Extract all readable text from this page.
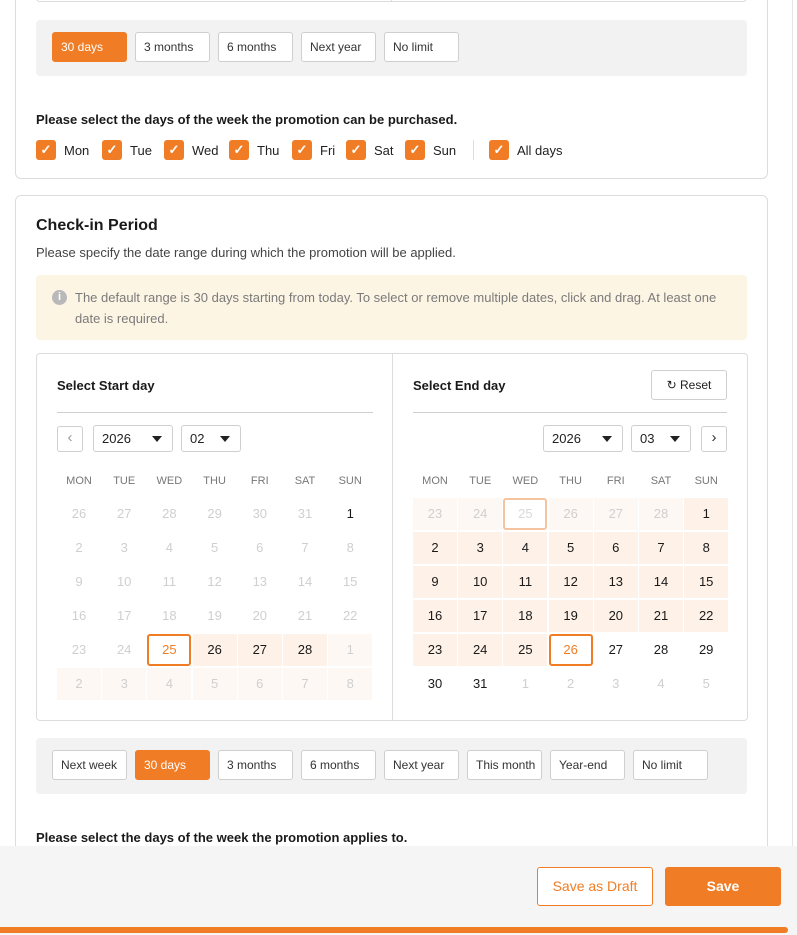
30 days	3 months	6 months	Next year	No limit
Please select the days of the week the promotion can be purchased.
✓ Mon	✓ Tue	✓ Wed	✓ Thu	✓ Fri	✓ Sat	✓ Sun	✓ All days
Check-in Period
Please specify the date range during which the promotion will be applied.
i	The default range is 30 days starting from today. To select or remove multiple dates, click and drag. At least one date is required.
Select Start day
‹	2026	02
MON	TUE	WED	THU	FRI	SAT	SUN
26	27	28	29	30	31	1
2	3	4	5	6	7	8
9	10	11	12	13	14	15
16	17	18	19	20	21	22
23	24	25	26	27	28	1
2	3	4	5	6	7	8
Select End day	↻ Reset
2026	03	›
MON	TUE	WED	THU	FRI	SAT	SUN
23	24	25	26	27	28	1
2	3	4	5	6	7	8
9	10	11	12	13	14	15
16	17	18	19	20	21	22
23	24	25	26	27	28	29
30	31	1	2	3	4	5
Next week	30 days	3 months	6 months	Next year	This month	Year-end	No limit
Please select the days of the week the promotion applies to.
Save as Draft	Save
